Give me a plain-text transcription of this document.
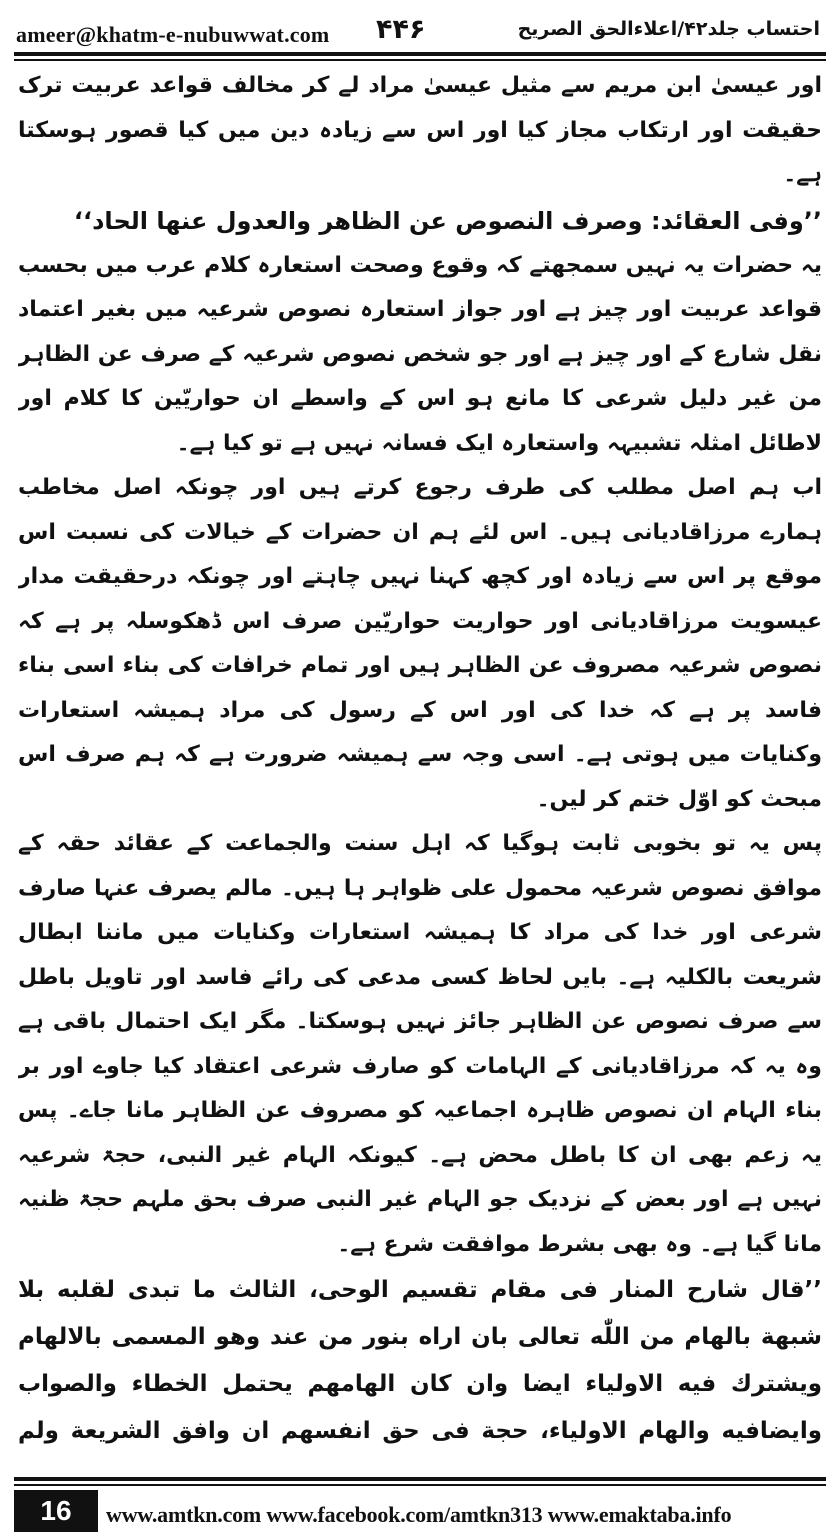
ameer@khatm-e-nubuwwat.com ۴۴۶	احتساب جلد۴۲/اعلاءالحق الصریح

اور عیسیٰ ابن مریم سے مثیل عیسیٰ مراد لے کر مخالف قواعد عربیت ترک حقیقت اور ارتکاب مجاز کیا اور اس سے زیادہ دین میں کیا قصور ہوسکتا ہے۔

’’وفی العقائد: وصرف النصوص عن الظاهر والعدول عنها الحاد‘‘

یہ حضرات یہ نہیں سمجھتے کہ وقوع وصحت استعارہ کلام عرب میں بحسب قواعد عربیت اور چیز ہے اور جواز استعارہ نصوص شرعیہ میں بغیر اعتماد نقل شارع کے اور چیز ہے اور جو شخص نصوص شرعیہ کے صرف عن الظاہر من غیر دلیل شرعی کا مانع ہو اس کے واسطے ان حواریّین کا کلام اور لاطائل امثلہ تشبیہہ واستعارہ ایک فسانہ نہیں ہے تو کیا ہے۔

اب ہم اصل مطلب کی طرف رجوع کرتے ہیں اور چونکہ اصل مخاطب ہمارے مرزاقادیانی ہیں۔ اس لئے ہم ان حضرات کے خیالات کی نسبت اس موقع پر اس سے زیادہ اور کچھ کہنا نہیں چاہتے اور چونکہ درحقیقت مدار عیسویت مرزاقادیانی اور حواریت حواریّین صرف اس ڈھکوسلہ پر ہے کہ نصوص شرعیہ مصروف عن الظاہر ہیں اور تمام خرافات کی بناء اسی بناء فاسد پر ہے کہ خدا کی اور اس کے رسول کی مراد ہمیشہ استعارات وکنایات میں ہوتی ہے۔ اسی وجہ سے ہمیشہ ضرورت ہے کہ ہم صرف اس مبحث کو اوّل ختم کر لیں۔

پس یہ تو بخوبی ثابت ہوگیا کہ اہل سنت والجماعت کے عقائد حقہ کے موافق نصوص شرعیہ محمول علی ظواہر ہا ہیں۔ مالم یصرف عنہا صارف شرعی اور خدا کی مراد کا ہمیشہ استعارات وکنایات میں ماننا ابطال شریعت بالکلیہ ہے۔ بایں لحاظ کسی مدعی کی رائے فاسد اور تاویل باطل سے صرف نصوص عن الظاہر جائز نہیں ہوسکتا۔ مگر ایک احتمال باقی ہے وہ یہ کہ مرزاقادیانی کے الہامات کو صارف شرعی اعتقاد کیا جاوے اور بر بناء الہام ان نصوص ظاہرہ اجماعیہ کو مصروف عن الظاہر مانا جاے۔ پس یہ زعم بھی ان کا باطل محض ہے۔ کیونکہ الہام غیر النبی، حجۃ شرعیہ نہیں ہے اور بعض کے نزدیک جو الہام غیر النبی صرف بحق ملہم حجۃ ظنیہ مانا گیا ہے۔ وہ بھی بشرط موافقت شرع ہے۔

’’قال شارح المنار فی مقام تقسیم الوحی، الثالث ما تبدی لقلبه بلا شبهة بالهام من اللّٰه تعالی بان اراه بنور من عند وهو المسمی بالالهام ویشترك فیه الاولیاء ایضا وان كان الهامهم یحتمل الخطاء والصواب وایضافیه والهام الاولیاء، حجة فی حق انفسهم ان وافق الشریعة ولم

16	www.amtkn.com www.facebook.com/amtkn313 www.emaktaba.info
